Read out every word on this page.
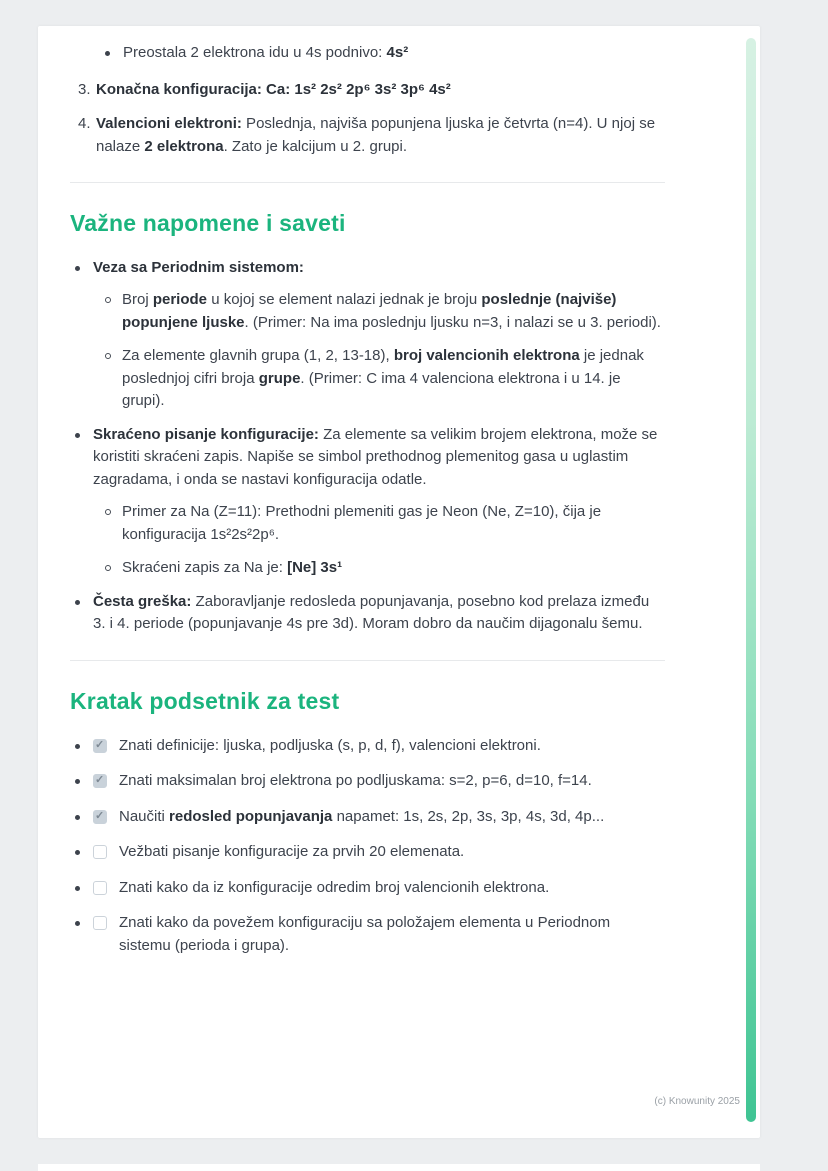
Preostala 2 elektrona idu u 4s podnivo: 4s²
3. Konačna konfiguracija: Ca: 1s² 2s² 2p⁶ 3s² 3p⁶ 4s²
4. Valencioni elektroni: Poslednja, najviša popunjena ljuska je četvrta (n=4). U njoj se nalaze 2 elektrona. Zato je kalcijum u 2. grupi.
Važne napomene i saveti
Veza sa Periodnim sistemom:
Broj periode u kojoj se element nalazi jednak je broju poslednje (najviše) popunjene ljuske. (Primer: Na ima poslednju ljusku n=3, i nalazi se u 3. periodi).
Za elemente glavnih grupa (1, 2, 13-18), broj valencionih elektrona je jednak poslednjoj cifri broja grupe. (Primer: C ima 4 valenciona elektrona i u 14. je grupi).
Skraćeno pisanje konfiguracije: Za elemente sa velikim brojem elektrona, može se koristiti skraćeni zapis. Napiše se simbol prethodnog plemenitog gasa u uglastim zagradama, i onda se nastavi konfiguracija odatle.
Primer za Na (Z=11): Prethodni plemeniti gas je Neon (Ne, Z=10), čija je konfiguracija 1s²2s²2p⁶.
Skraćeni zapis za Na je: [Ne] 3s¹
Česta greška: Zaboravljanje redosleda popunjavanja, posebno kod prelaza između 3. i 4. periode (popunjavanje 4s pre 3d). Moram dobro da naučim dijagonalu šemu.
Kratak podsetnik za test
✓
Znati definicije: ljuska, podljuska (s, p, d, f), valencioni elektroni.
✓
Znati maksimalan broj elektrona po podljuskama: s=2, p=6, d=10, f=14.
✓
Naučiti redosled popunjavanja napamet: 1s, 2s, 2p, 3s, 3p, 4s, 3d, 4p...
Vežbati pisanje konfiguracije za prvih 20 elemenata.
Znati kako da iz konfiguracije odredim broj valencionih elektrona.
Znati kako da povežem konfiguraciju sa položajem elementa u Periodnom sistemu (perioda i grupa).
(c) Knowunity 2025
